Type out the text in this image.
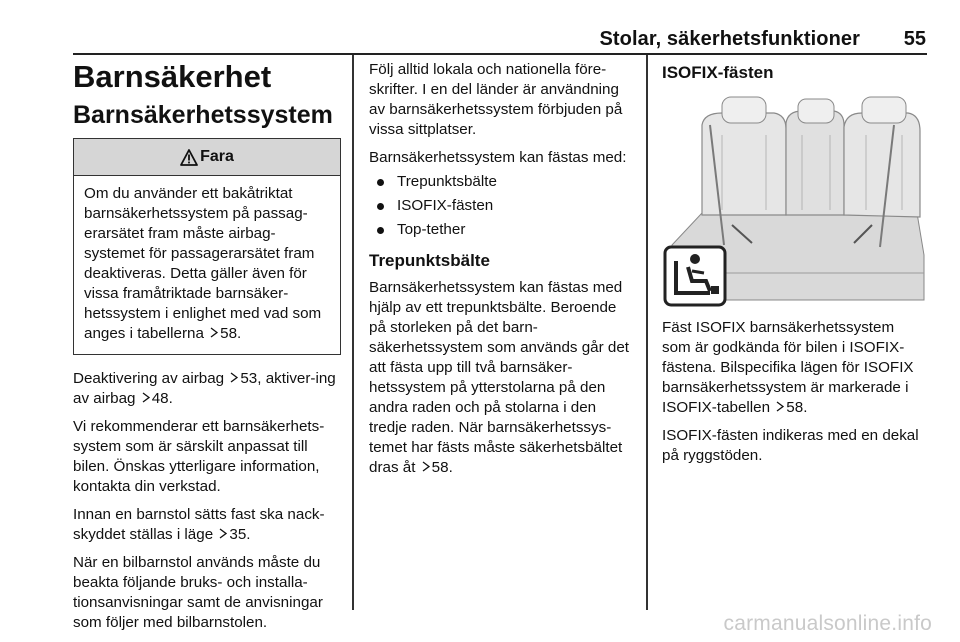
Stolar, säkerhetsfunktioner	55
Barnsäkerhet
Barnsäkerhetssystem
Fara
Om du använder ett bakåtriktat barnsäkerhetssystem på passag-erarsätet fram måste airbag-systemet för passagerarsätet fram deaktiveras. Detta gäller även för vissa framåtriktade barnsäker-hetssystem i enlighet med vad som anges i tabellerna 58.

Deaktivering av airbag 53, aktiver-ing av airbag 48.

Vi rekommenderar ett barnsäkerhets-system som är särskilt anpassat till bilen. Önskas ytterligare information, kontakta din verkstad.

Innan en barnstol sätts fast ska nack-skyddet ställas i läge 35.

När en bilbarnstol används måste du beakta följande bruks- och installa-tionsanvisningar samt de anvisningar som följer med bilbarnstolen.

Följ alltid lokala och nationella före-skrifter. I en del länder är användning av barnsäkerhetssystem förbjuden på vissa sittplatser.

Barnsäkerhetssystem kan fästas med:

Trepunktsbälte
ISOFIX-fästen
Top-tether
Trepunktsbälte

Barnsäkerhetssystem kan fästas med hjälp av ett trepunktsbälte. Beroende på storleken på det barn-säkerhetssystem som används går det att fästa upp till två barnsäker-hetssystem på ytterstolarna på den andra raden och på stolarna i den tredje raden. När barnsäkerhetssys-temet har fästs måste säkerhetsbältet dras åt 58.

ISOFIX-fästen

Fäst ISOFIX barnsäkerhetssystem som är godkända för bilen i ISOFIX-fästena. Bilspecifika lägen för ISOFIX barnsäkerhetssystem är markerade i ISOFIX-tabellen 58.

ISOFIX-fästen indikeras med en dekal på ryggstöden.

carmanualsonline.info
